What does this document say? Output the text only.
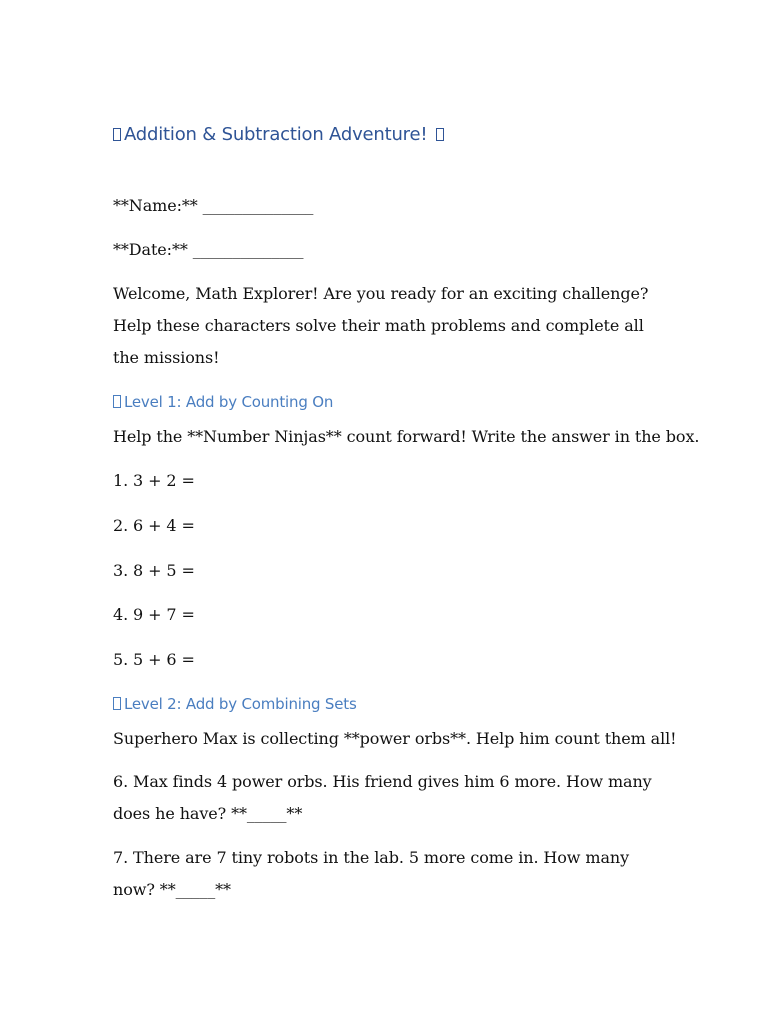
Addition & Subtraction Adventure!
**Name:** ______________
**Date:** ______________
Welcome, Math Explorer! Are you ready for an exciting challenge? Help these characters solve their math problems and complete all the missions!
Level 1: Add by Counting On
Help the **Number Ninjas** count forward! Write the answer in the box.
1. 3 + 2 =
2. 6 + 4 =
3. 8 + 5 =
4. 9 + 7 =
5. 5 + 6 =
Level 2: Add by Combining Sets
Superhero Max is collecting **power orbs**. Help him count them all!
6. Max finds 4 power orbs. His friend gives him 6 more. How many does he have? **_____**
7. There are 7 tiny robots in the lab. 5 more come in. How many now? **_____**
